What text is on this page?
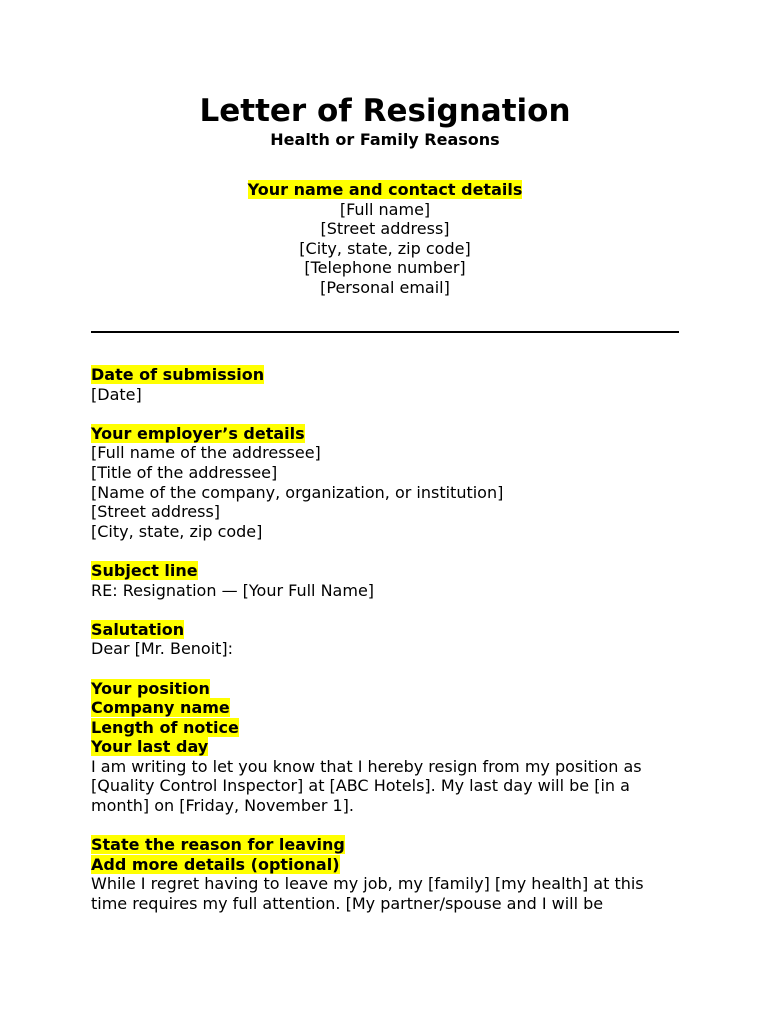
Letter of Resignation
Health or Family Reasons
Your name and contact details
[Full name]
[Street address]
[City, state, zip code]
[Telephone number]
[Personal email]
Date of submission
[Date]
Your employer’s details
[Full name of the addressee]
[Title of the addressee]
[Name of the company, organization, or institution]
[Street address]
[City, state, zip code]
Subject line
RE: Resignation — [Your Full Name]
Salutation
Dear [Mr. Benoit]:
Your position
Company name
Length of notice
Your last day
I am writing to let you know that I hereby resign from my position as
[Quality Control Inspector] at [ABC Hotels]. My last day will be [in a
month] on [Friday, November 1].
State the reason for leaving
Add more details (optional)
While I regret having to leave my job, my [family] [my health] at this
time requires my full attention. [My partner/spouse and I will be
